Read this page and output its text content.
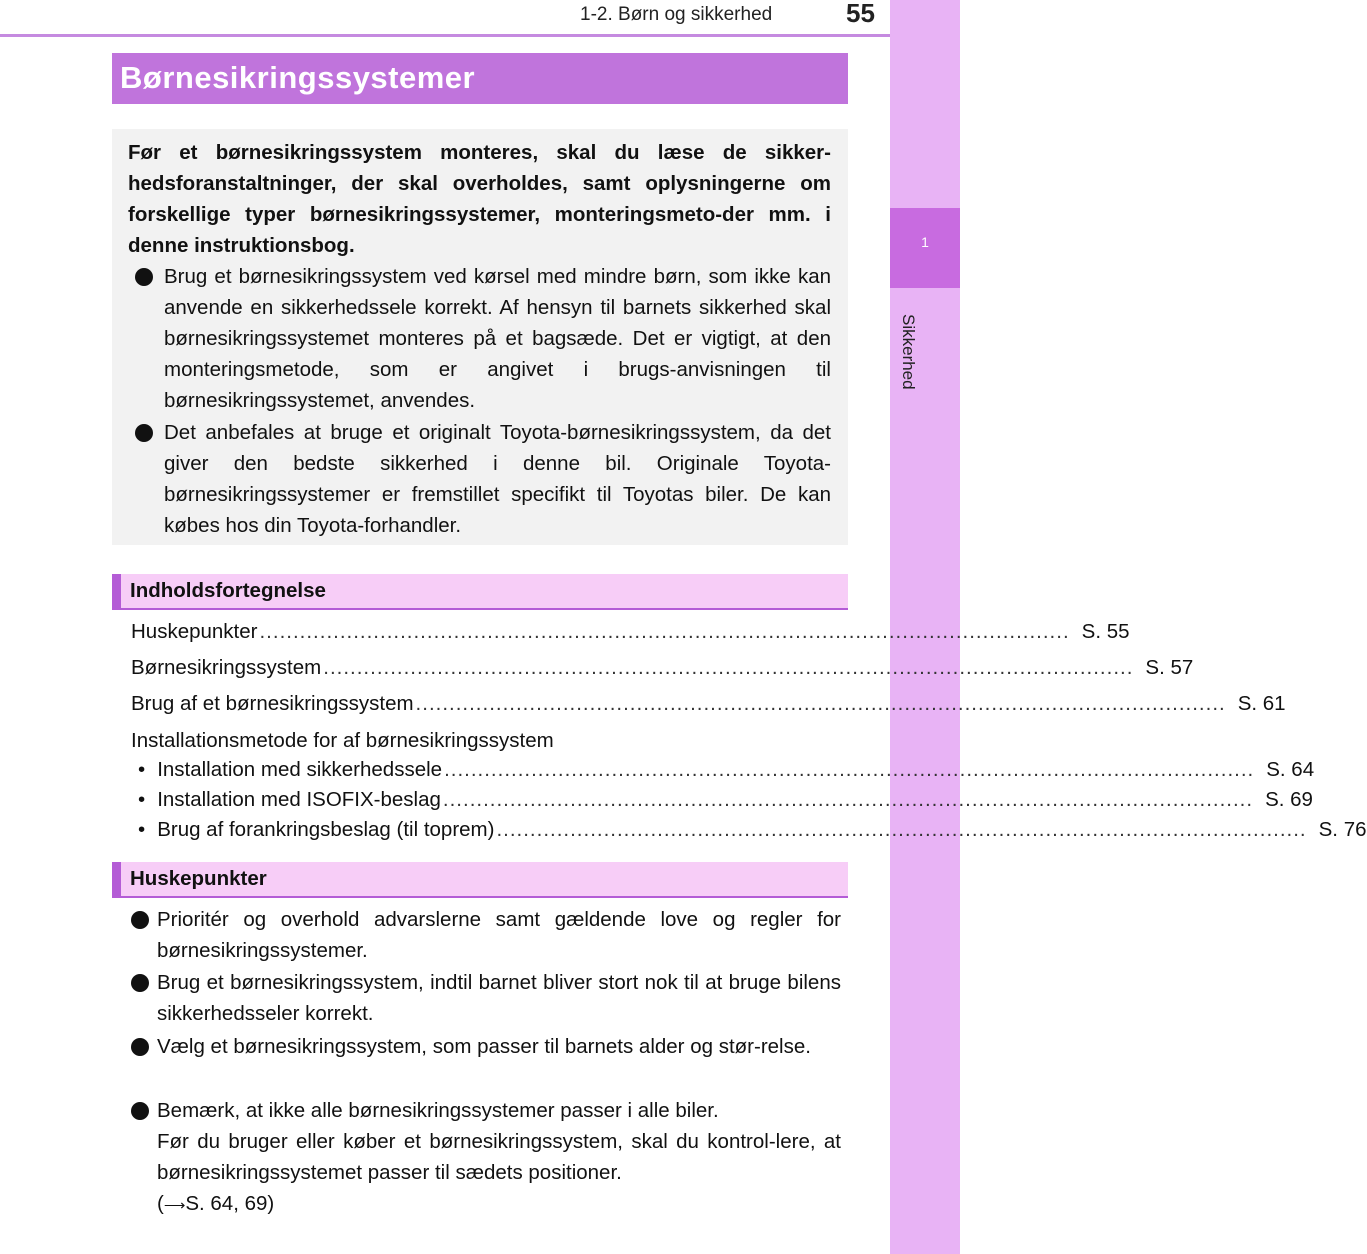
1-2. Børn og sikkerhed	55
1
Sikkerhed
Børnesikringssystemer
Før et børnesikringssystem monteres, skal du læse de sikker-hedsforanstaltninger, der skal overholdes, samt oplysningerne om forskellige typer børnesikringssystemer, monteringsmeto-der mm. i denne instruktionsbog.
Brug et børnesikringssystem ved kørsel med mindre børn, som ikke kan anvende en sikkerhedssele korrekt. Af hensyn til barnets sikkerhed skal børnesikringssystemet monteres på et bagsæde. Det er vigtigt, at den monteringsmetode, som er angivet i brugs-anvisningen til børnesikringssystemet, anvendes.
Det anbefales at bruge et originalt Toyota-børnesikringssystem, da det giver den bedste sikkerhed i denne bil. Originale Toyota-børnesikringssystemer er fremstillet specifikt til Toyotas biler. De kan købes hos din Toyota-forhandler.
Indholdsfortegnelse
Huskepunkter ......................................................................................................................... S. 55
Børnesikringssystem ......................................................................................................................... S. 57
Brug af et børnesikringssystem ......................................................................................................................... S. 61
Installationsmetode for af børnesikringssystem
• Installation med sikkerhedssele ......................................................................................................................... S. 64
• Installation med ISOFIX-beslag ......................................................................................................................... S. 69
• Brug af forankringsbeslag (til toprem) ......................................................................................................................... S. 76
Huskepunkter
Prioritér og overhold advarslerne samt gældende love og regler for børnesikringssystemer.
Brug et børnesikringssystem, indtil barnet bliver stort nok til at bruge bilens sikkerhedsseler korrekt.
Vælg et børnesikringssystem, som passer til barnets alder og stør-relse.
Bemærk, at ikke alle børnesikringssystemer passer i alle biler.
Før du bruger eller køber et børnesikringssystem, skal du kontrol-lere, at børnesikringssystemet passer til sædets positioner.
(⟶S. 64, 69)
